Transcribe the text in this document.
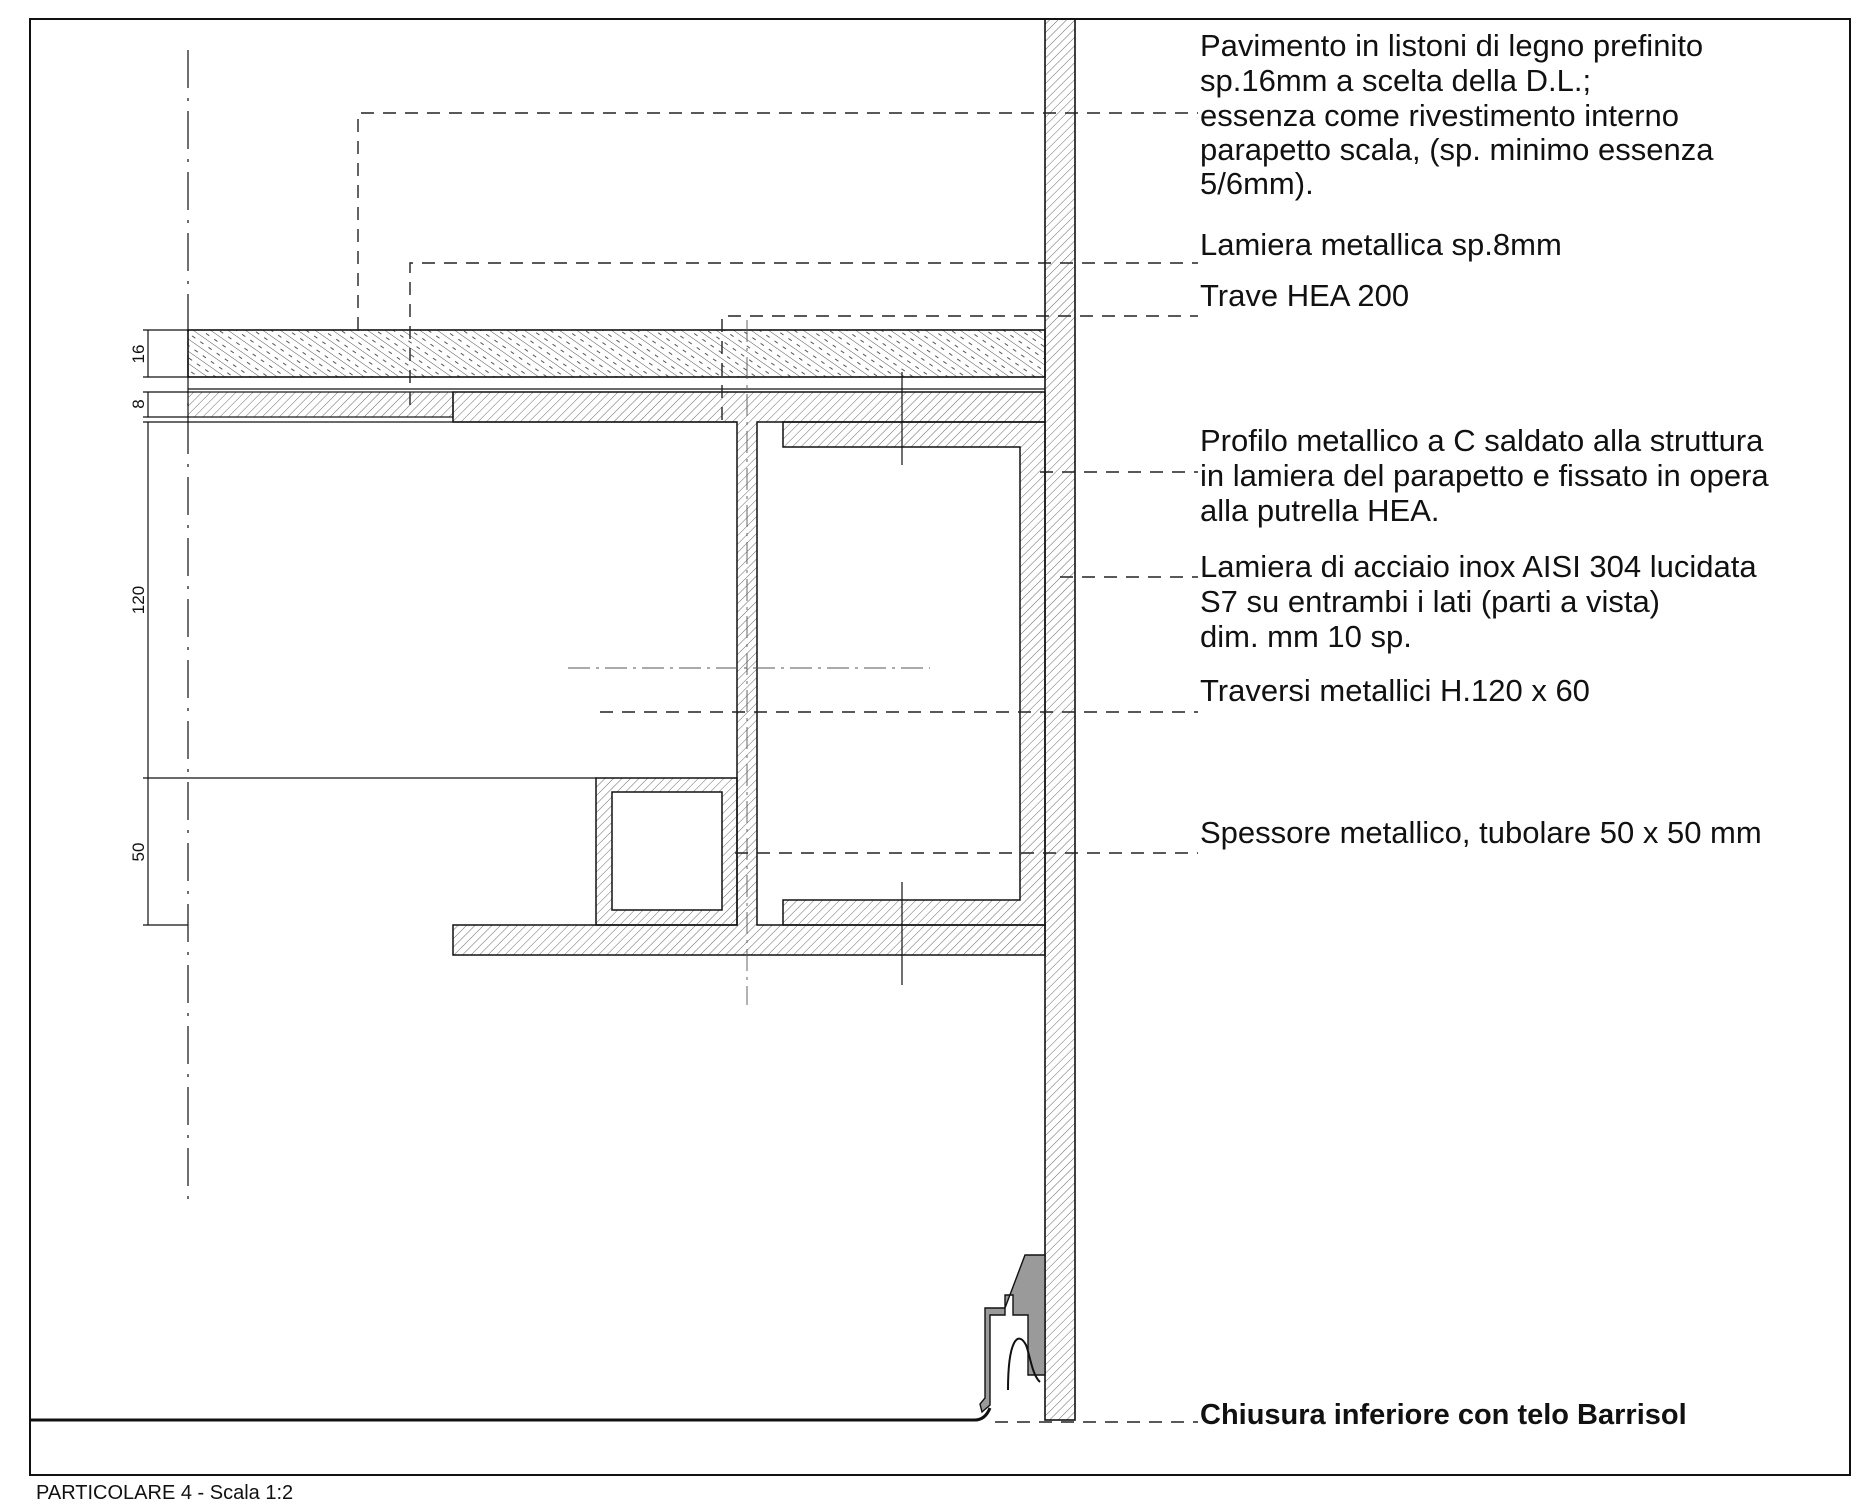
16
8
120
50
Pavimento in listoni di legno prefinito sp.16mm a scelta della D.L.; essenza come rivestimento interno parapetto scala, (sp. minimo essenza 5/6mm).
Lamiera metallica sp.8mm
Trave HEA 200
Profilo metallico a C saldato alla struttura in lamiera del parapetto e fissato in opera alla putrella HEA.
Lamiera di acciaio inox AISI 304 lucidata S7 su entrambi i lati (parti a vista) dim. mm 10 sp.
Traversi metallici H.120 x 60
Spessore metallico, tubolare 50 x 50 mm
Chiusura inferiore con telo Barrisol
PARTICOLARE 4 - Scala 1:2
